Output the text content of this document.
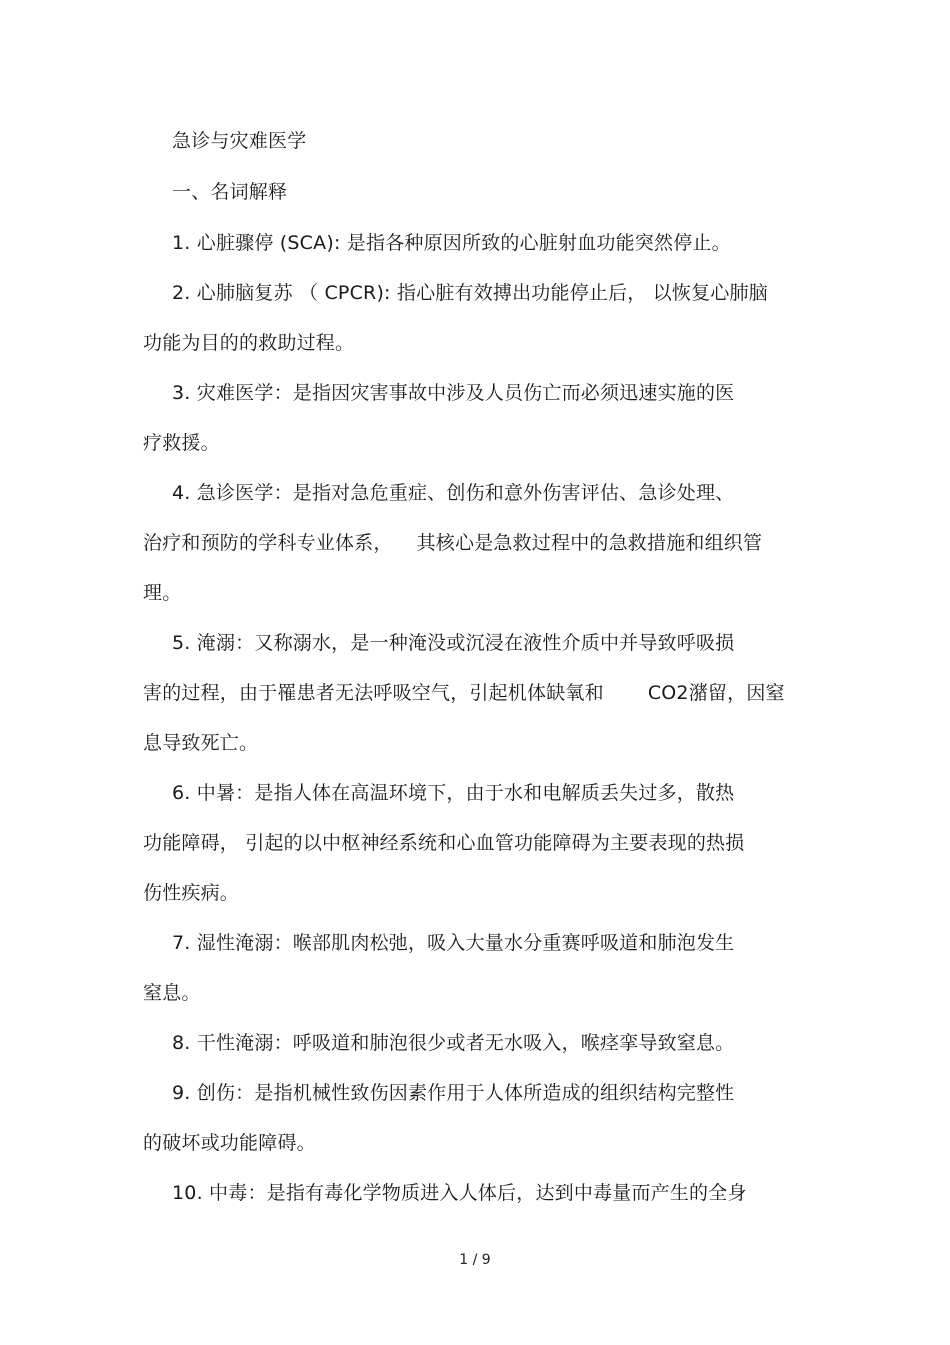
急诊与灾难医学
一、名词解释
1. 心脏骤停 (SCA): 是指各种原因所致的心脏射血功能突然停止。
2. 心肺脑复苏 （ CPCR): 指心脏有效搏出功能停止后， 以恢复心肺脑
功能为目的的救助过程。
3. 灾难医学：是指因灾害事故中涉及人员伤亡而必须迅速实施的医
疗救援。
4. 急诊医学：是指对急危重症、创伤和意外伤害评估、急诊处理、
治疗和预防的学科专业体系， 其核心是急救过程中的急救措施和组织管
理。
5. 淹溺：又称溺水，是一种淹没或沉浸在液性介质中并导致呼吸损
害的过程，由于罹患者无法呼吸空气，引起机体缺氧和 CO2潴留，因窒
息导致死亡。
6. 中暑：是指人体在高温环境下，由于水和电解质丢失过多，散热
功能障碍， 引起的以中枢神经系统和心血管功能障碍为主要表现的热损
伤性疾病。
7. 湿性淹溺：喉部肌肉松弛，吸入大量水分重赛呼吸道和肺泡发生
窒息。
8. 干性淹溺：呼吸道和肺泡很少或者无水吸入，喉痉挛导致窒息。
9. 创伤：是指机械性致伤因素作用于人体所造成的组织结构完整性
的破坏或功能障碍。
10. 中毒：是指有毒化学物质进入人体后，达到中毒量而产生的全身
1 / 9
